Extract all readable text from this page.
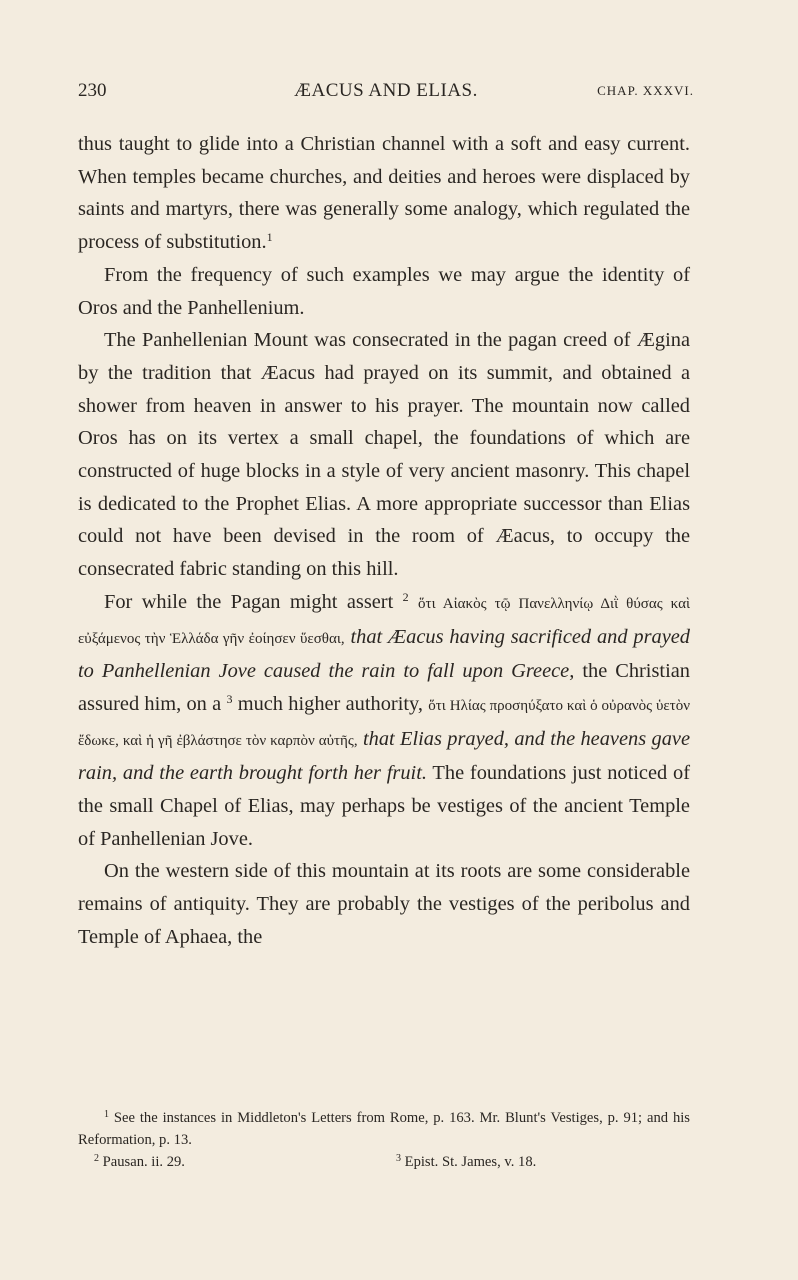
230	ÆACUS AND ELIAS.	CHAP. XXXVI.

thus taught to glide into a Christian channel with a soft and easy current. When temples became churches, and deities and heroes were displaced by saints and martyrs, there was generally some analogy, which regulated the process of substitution.$^1$

From the frequency of such examples we may argue the identity of Oros and the Panhellenium.

The Panhellenian Mount was consecrated in the pagan creed of Ægina by the tradition that Æacus had prayed on its summit, and obtained a shower from heaven in answer to his prayer. The mountain now called Oros has on its vertex a small chapel, the foundations of which are constructed of huge blocks in a style of very ancient masonry. This chapel is dedicated to the Prophet Elias. A more appropriate successor than Elias could not have been devised in the room of Æacus, to occupy the consecrated fabric standing on this hill.

For while the Pagan might assert $^2$ ὅτι Αἰακὸς τῷ Πανελληνίῳ Διῒ θύσας καὶ εὐξάμενος τὴν Ἑλλάδα γῆν ἐοίησεν ὕεσθαι, that Æacus having sacrificed and prayed to Panhellenian Jove caused the rain to fall upon Greece, the Christian assured him, on a $^3$ much higher authority, ὅτι Ηλίας προσηύξατο καὶ ὁ οὐρανὸς ὑετὸν ἔδωκε, καὶ ἡ γῆ ἐβλάστησε τὸν καρπὸν αὐτῆς, that Elias prayed, and the heavens gave rain, and the earth brought forth her fruit. The foundations just noticed of the small Chapel of Elias, may perhaps be vestiges of the ancient Temple of Panhellenian Jove.

On the western side of this mountain at its roots are some considerable remains of antiquity. They are probably the vestiges of the peribolus and Temple of Aphaea, the

$^1$ See the instances in Middleton's Letters from Rome, p. 163. Mr. Blunt's Vestiges, p. 91; and his Reformation, p. 13.

$^2$ Pausan. ii. 29.	$^3$ Epist. St. James, v. 18.
